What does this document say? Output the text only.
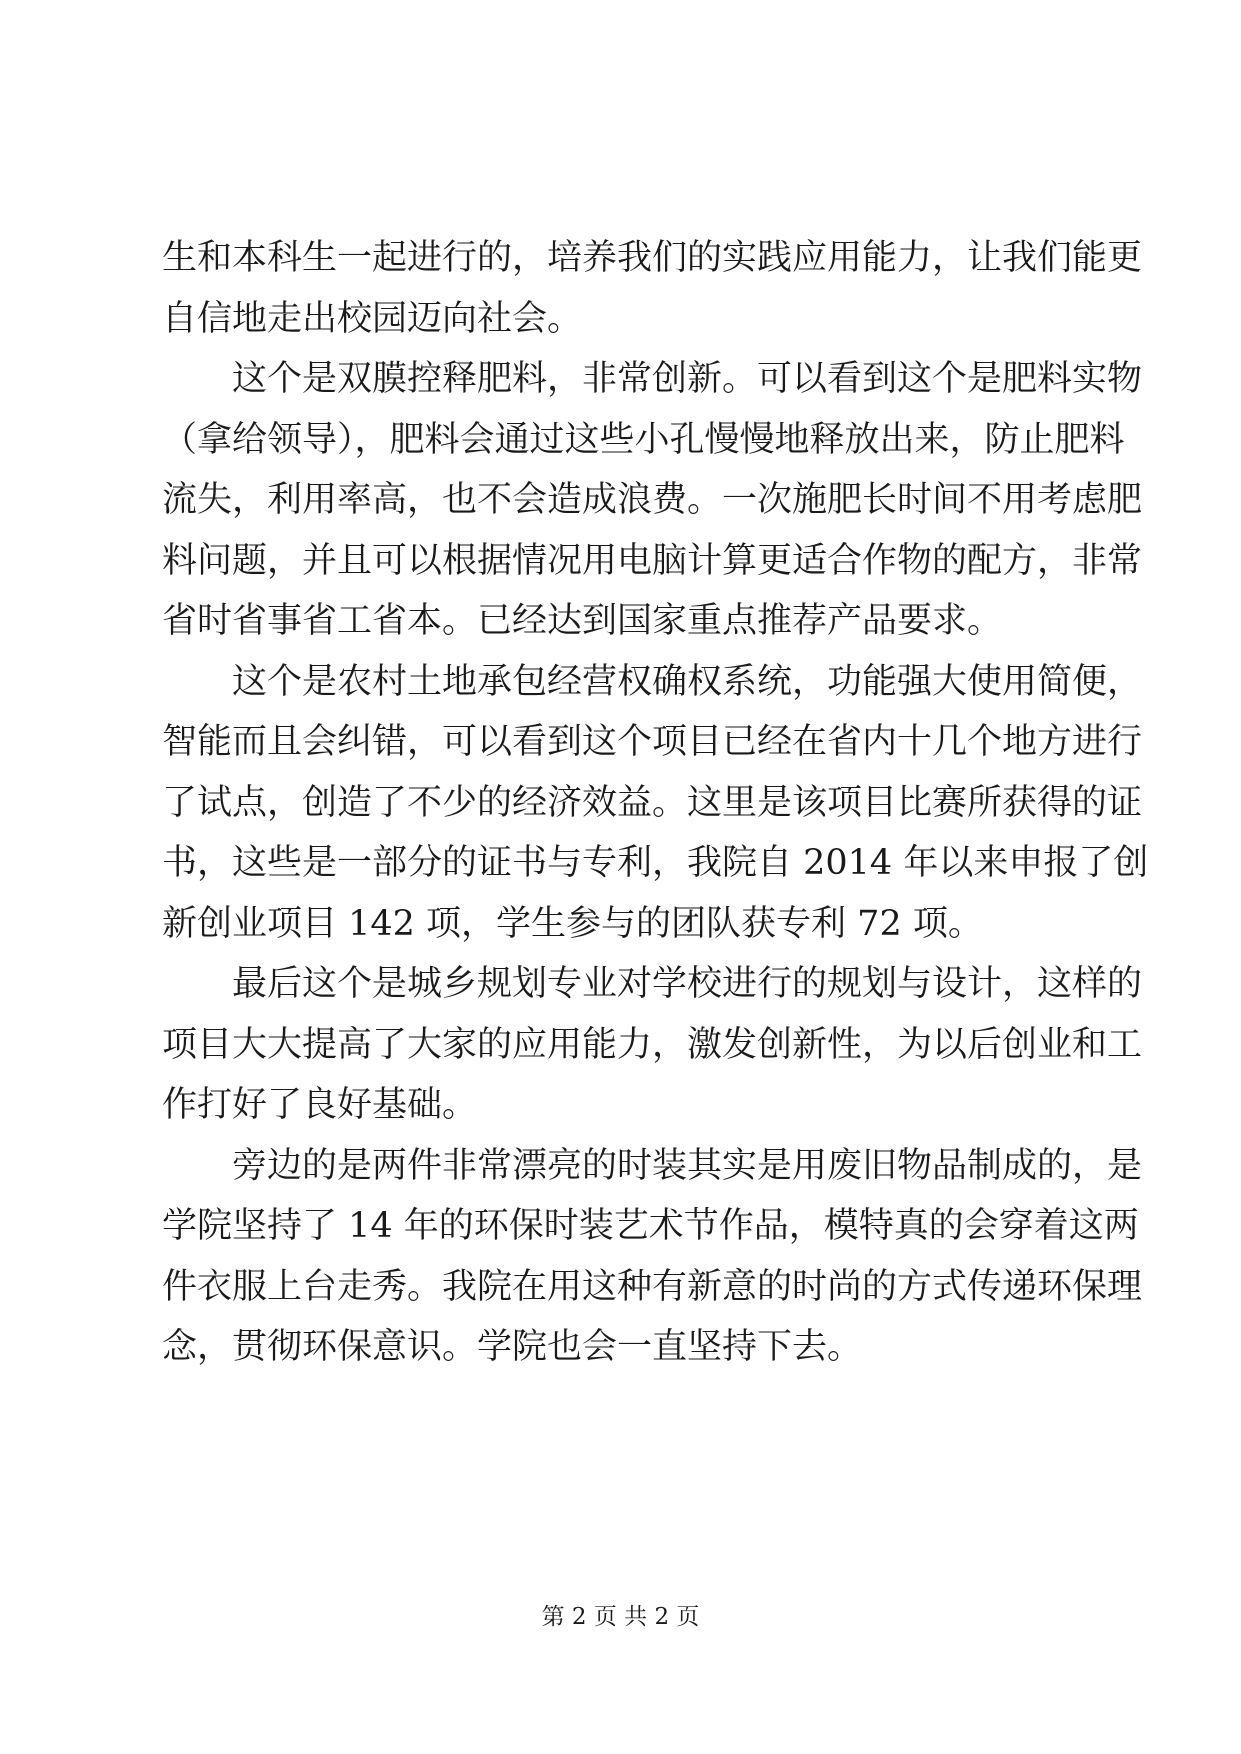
生和本科生一起进行的，培养我们的实践应用能力，让我们能更
自信地走出校园迈向社会。
这个是双膜控释肥料，非常创新。可以看到这个是肥料实物
（拿给领导），肥料会通过这些小孔慢慢地释放出来，防止肥料
流失，利用率高，也不会造成浪费。一次施肥长时间不用考虑肥
料问题，并且可以根据情况用电脑计算更适合作物的配方，非常
省时省事省工省本。已经达到国家重点推荐产品要求。
这个是农村土地承包经营权确权系统，功能强大使用简便，
智能而且会纠错，可以看到这个项目已经在省内十几个地方进行
了试点，创造了不少的经济效益。这里是该项目比赛所获得的证
书，这些是一部分的证书与专利，我院自 2014 年以来申报了创
新创业项目 142 项，学生参与的团队获专利 72 项。
最后这个是城乡规划专业对学校进行的规划与设计，这样的
项目大大提高了大家的应用能力，激发创新性，为以后创业和工
作打好了良好基础。
旁边的是两件非常漂亮的时装其实是用废旧物品制成的，是
学院坚持了 14 年的环保时装艺术节作品，模特真的会穿着这两
件衣服上台走秀。我院在用这种有新意的时尚的方式传递环保理
念，贯彻环保意识。学院也会一直坚持下去。
第 2 页 共 2 页
